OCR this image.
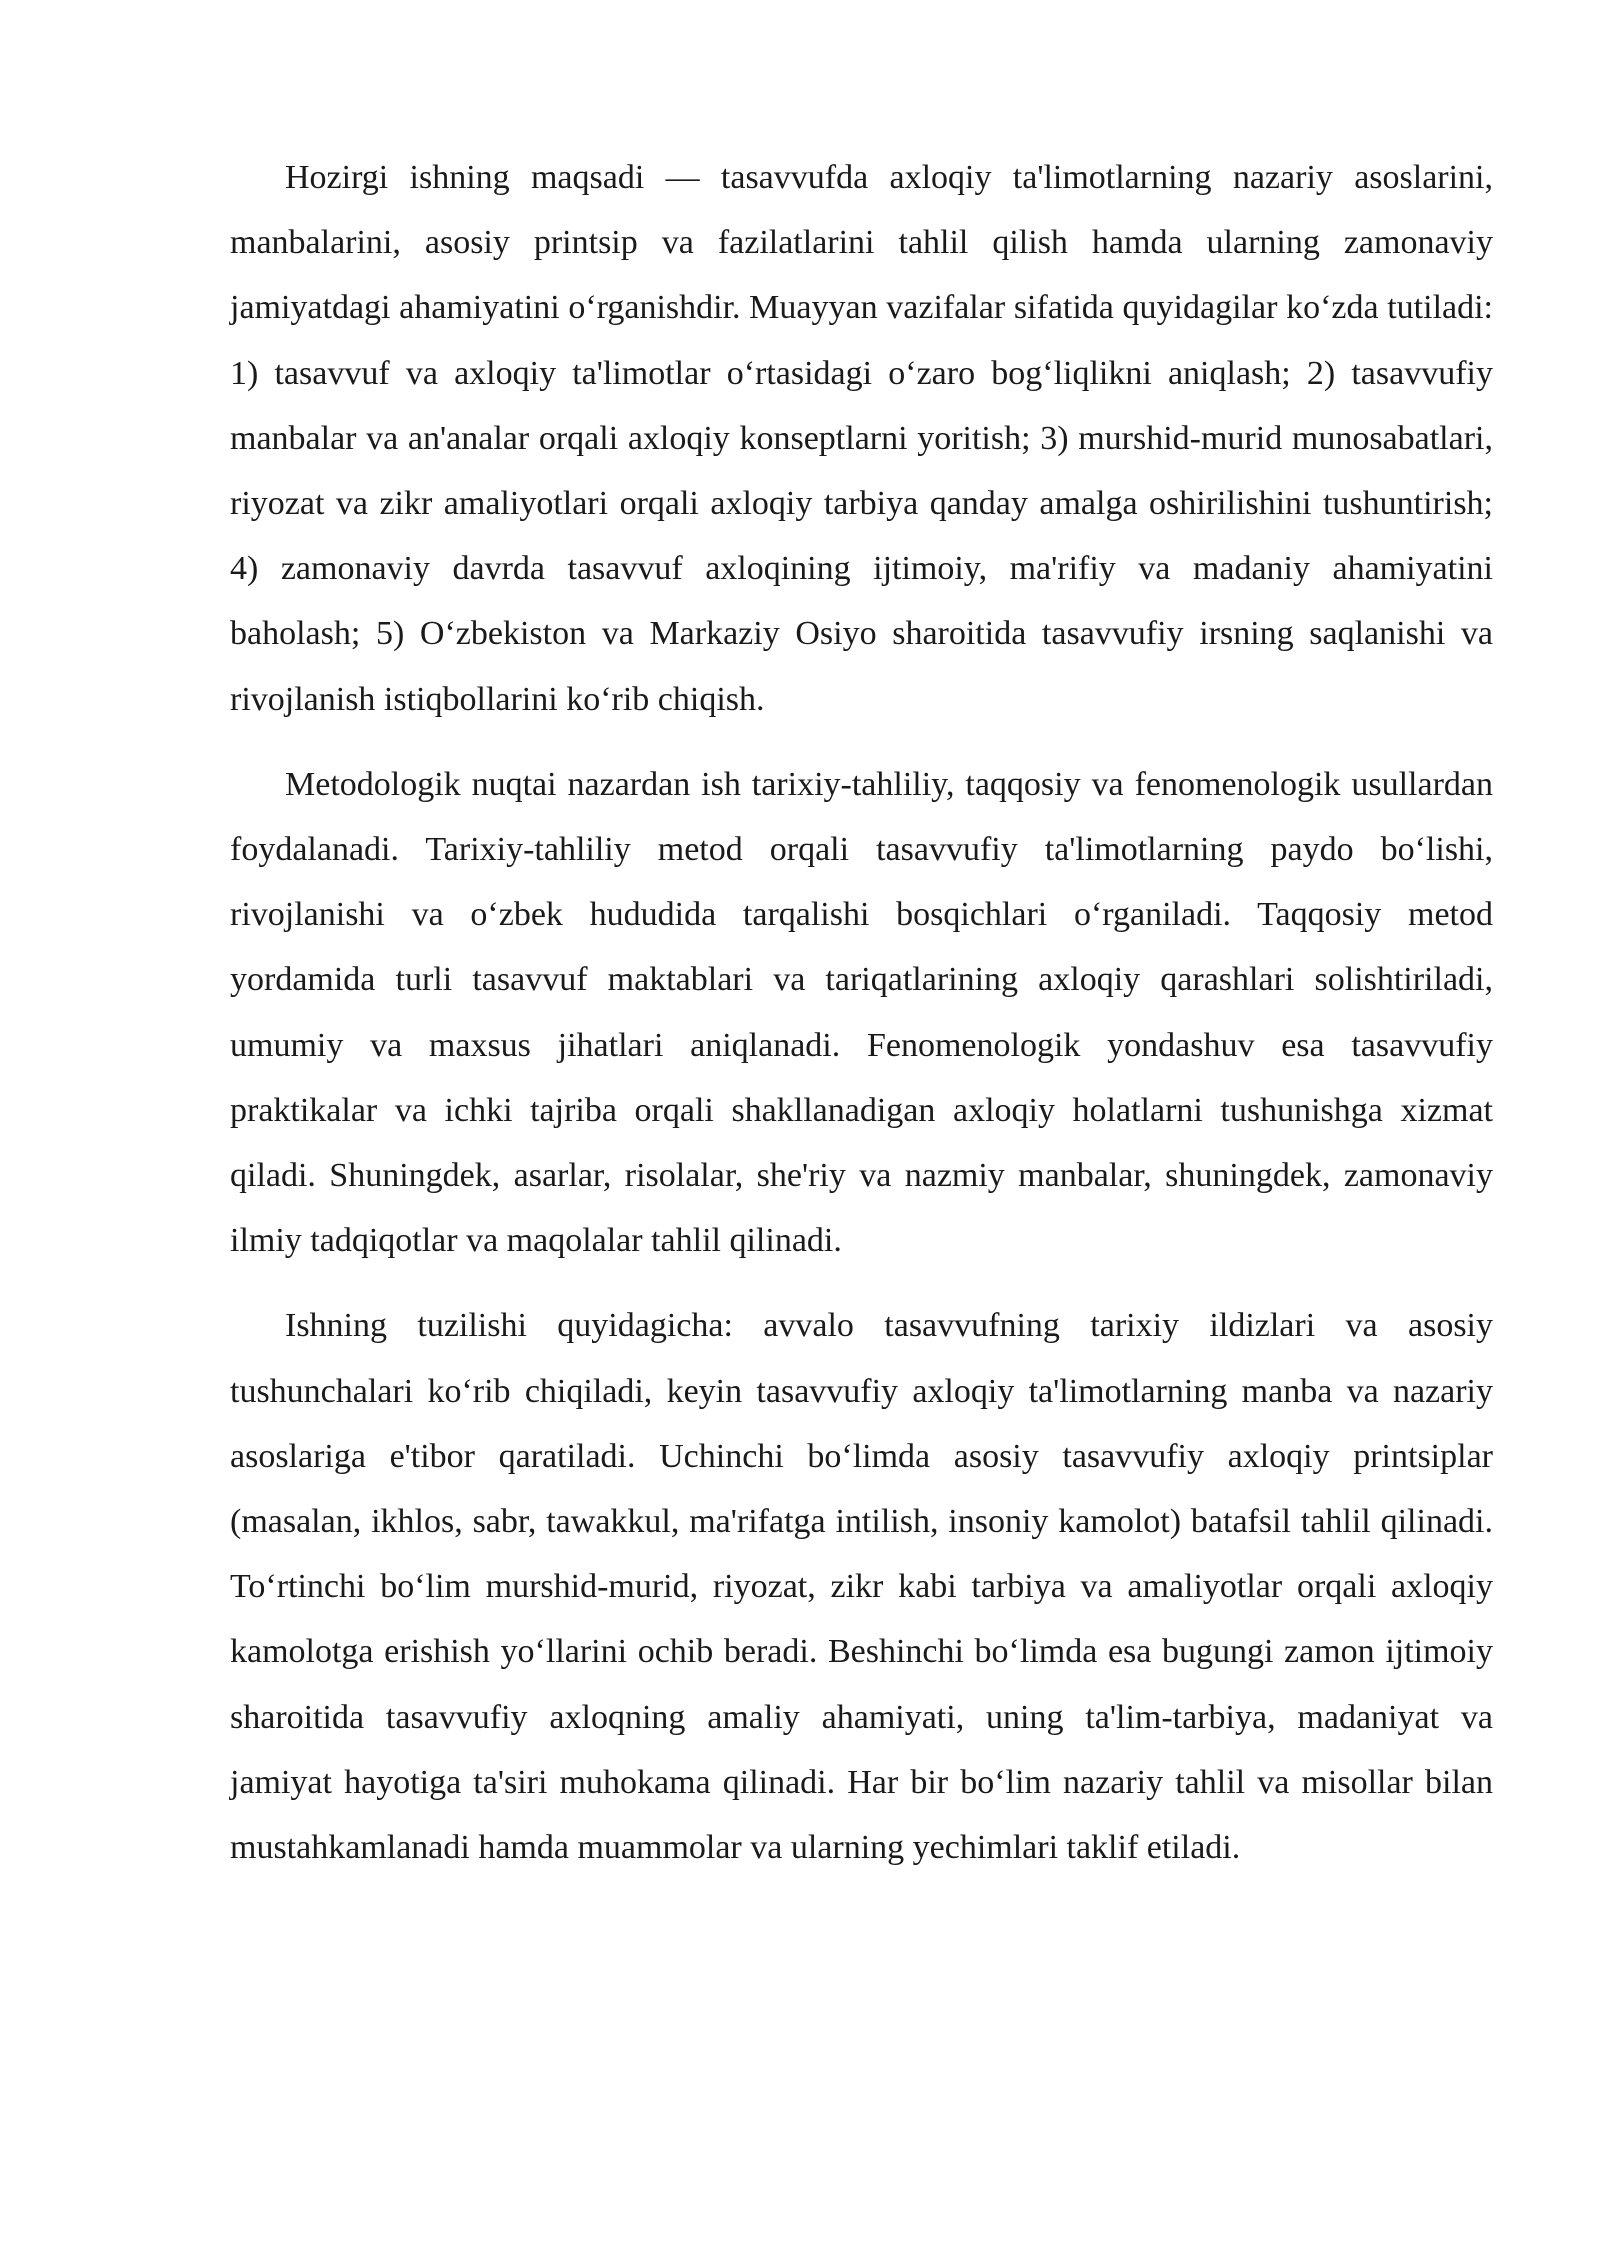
Hozirgi ishning maqsadi — tasavvufda axloqiy ta'limotlarning nazariy asoslarini, manbalarini, asosiy printsip va fazilatlarini tahlil qilish hamda ularning zamonaviy jamiyatdagi ahamiyatini o‘rganishdir. Muayyan vazifalar sifatida quyidagilar ko‘zda tutiladi: 1) tasavvuf va axloqiy ta'limotlar o‘rtasidagi o‘zaro bog‘liqlikni aniqlash; 2) tasavvufiy manbalar va an'analar orqali axloqiy konseptlarni yoritish; 3) murshid-murid munosabatlari, riyozat va zikr amaliyotlari orqali axloqiy tarbiya qanday amalga oshirilishini tushuntirish; 4) zamonaviy davrda tasavvuf axloqining ijtimoiy, ma'rifiy va madaniy ahamiyatini baholash; 5) O‘zbekiston va Markaziy Osiyo sharoitida tasavvufiy irsning saqlanishi va rivojlanish istiqbollarini ko‘rib chiqish.

Metodologik nuqtai nazardan ish tarixiy-tahliliy, taqqosiy va fenomenologik usullardan foydalanadi. Tarixiy-tahliliy metod orqali tasavvufiy ta'limotlarning paydo bo‘lishi, rivojlanishi va o‘zbek hududida tarqalishi bosqichlari o‘rganiladi. Taqqosiy metod yordamida turli tasavvuf maktablari va tariqatlarining axloqiy qarashlari solishtiriladi, umumiy va maxsus jihatlari aniqlanadi. Fenomenologik yondashuv esa tasavvufiy praktikalar va ichki tajriba orqali shakllanadigan axloqiy holatlarni tushunishga xizmat qiladi. Shuningdek, asarlar, risolalar, she'riy va nazmiy manbalar, shuningdek, zamonaviy ilmiy tadqiqotlar va maqolalar tahlil qilinadi.

Ishning tuzilishi quyidagicha: avvalo tasavvufning tarixiy ildizlari va asosiy tushunchalari ko‘rib chiqiladi, keyin tasavvufiy axloqiy ta'limotlarning manba va nazariy asoslariga e'tibor qaratiladi. Uchinchi bo‘limda asosiy tasavvufiy axloqiy printsiplar (masalan, ikhlos, sabr, tawakkul, ma'rifatga intilish, insoniy kamolot) batafsil tahlil qilinadi. To‘rtinchi bo‘lim murshid-murid, riyozat, zikr kabi tarbiya va amaliyotlar orqali axloqiy kamolotga erishish yo‘llarini ochib beradi. Beshinchi bo‘limda esa bugungi zamon ijtimoiy sharoitida tasavvufiy axloqning amaliy ahamiyati, uning ta'lim-tarbiya, madaniyat va jamiyat hayotiga ta'siri muhokama qilinadi. Har bir bo‘lim nazariy tahlil va misollar bilan mustahkamlanadi hamda muammolar va ularning yechimlari taklif etiladi.
